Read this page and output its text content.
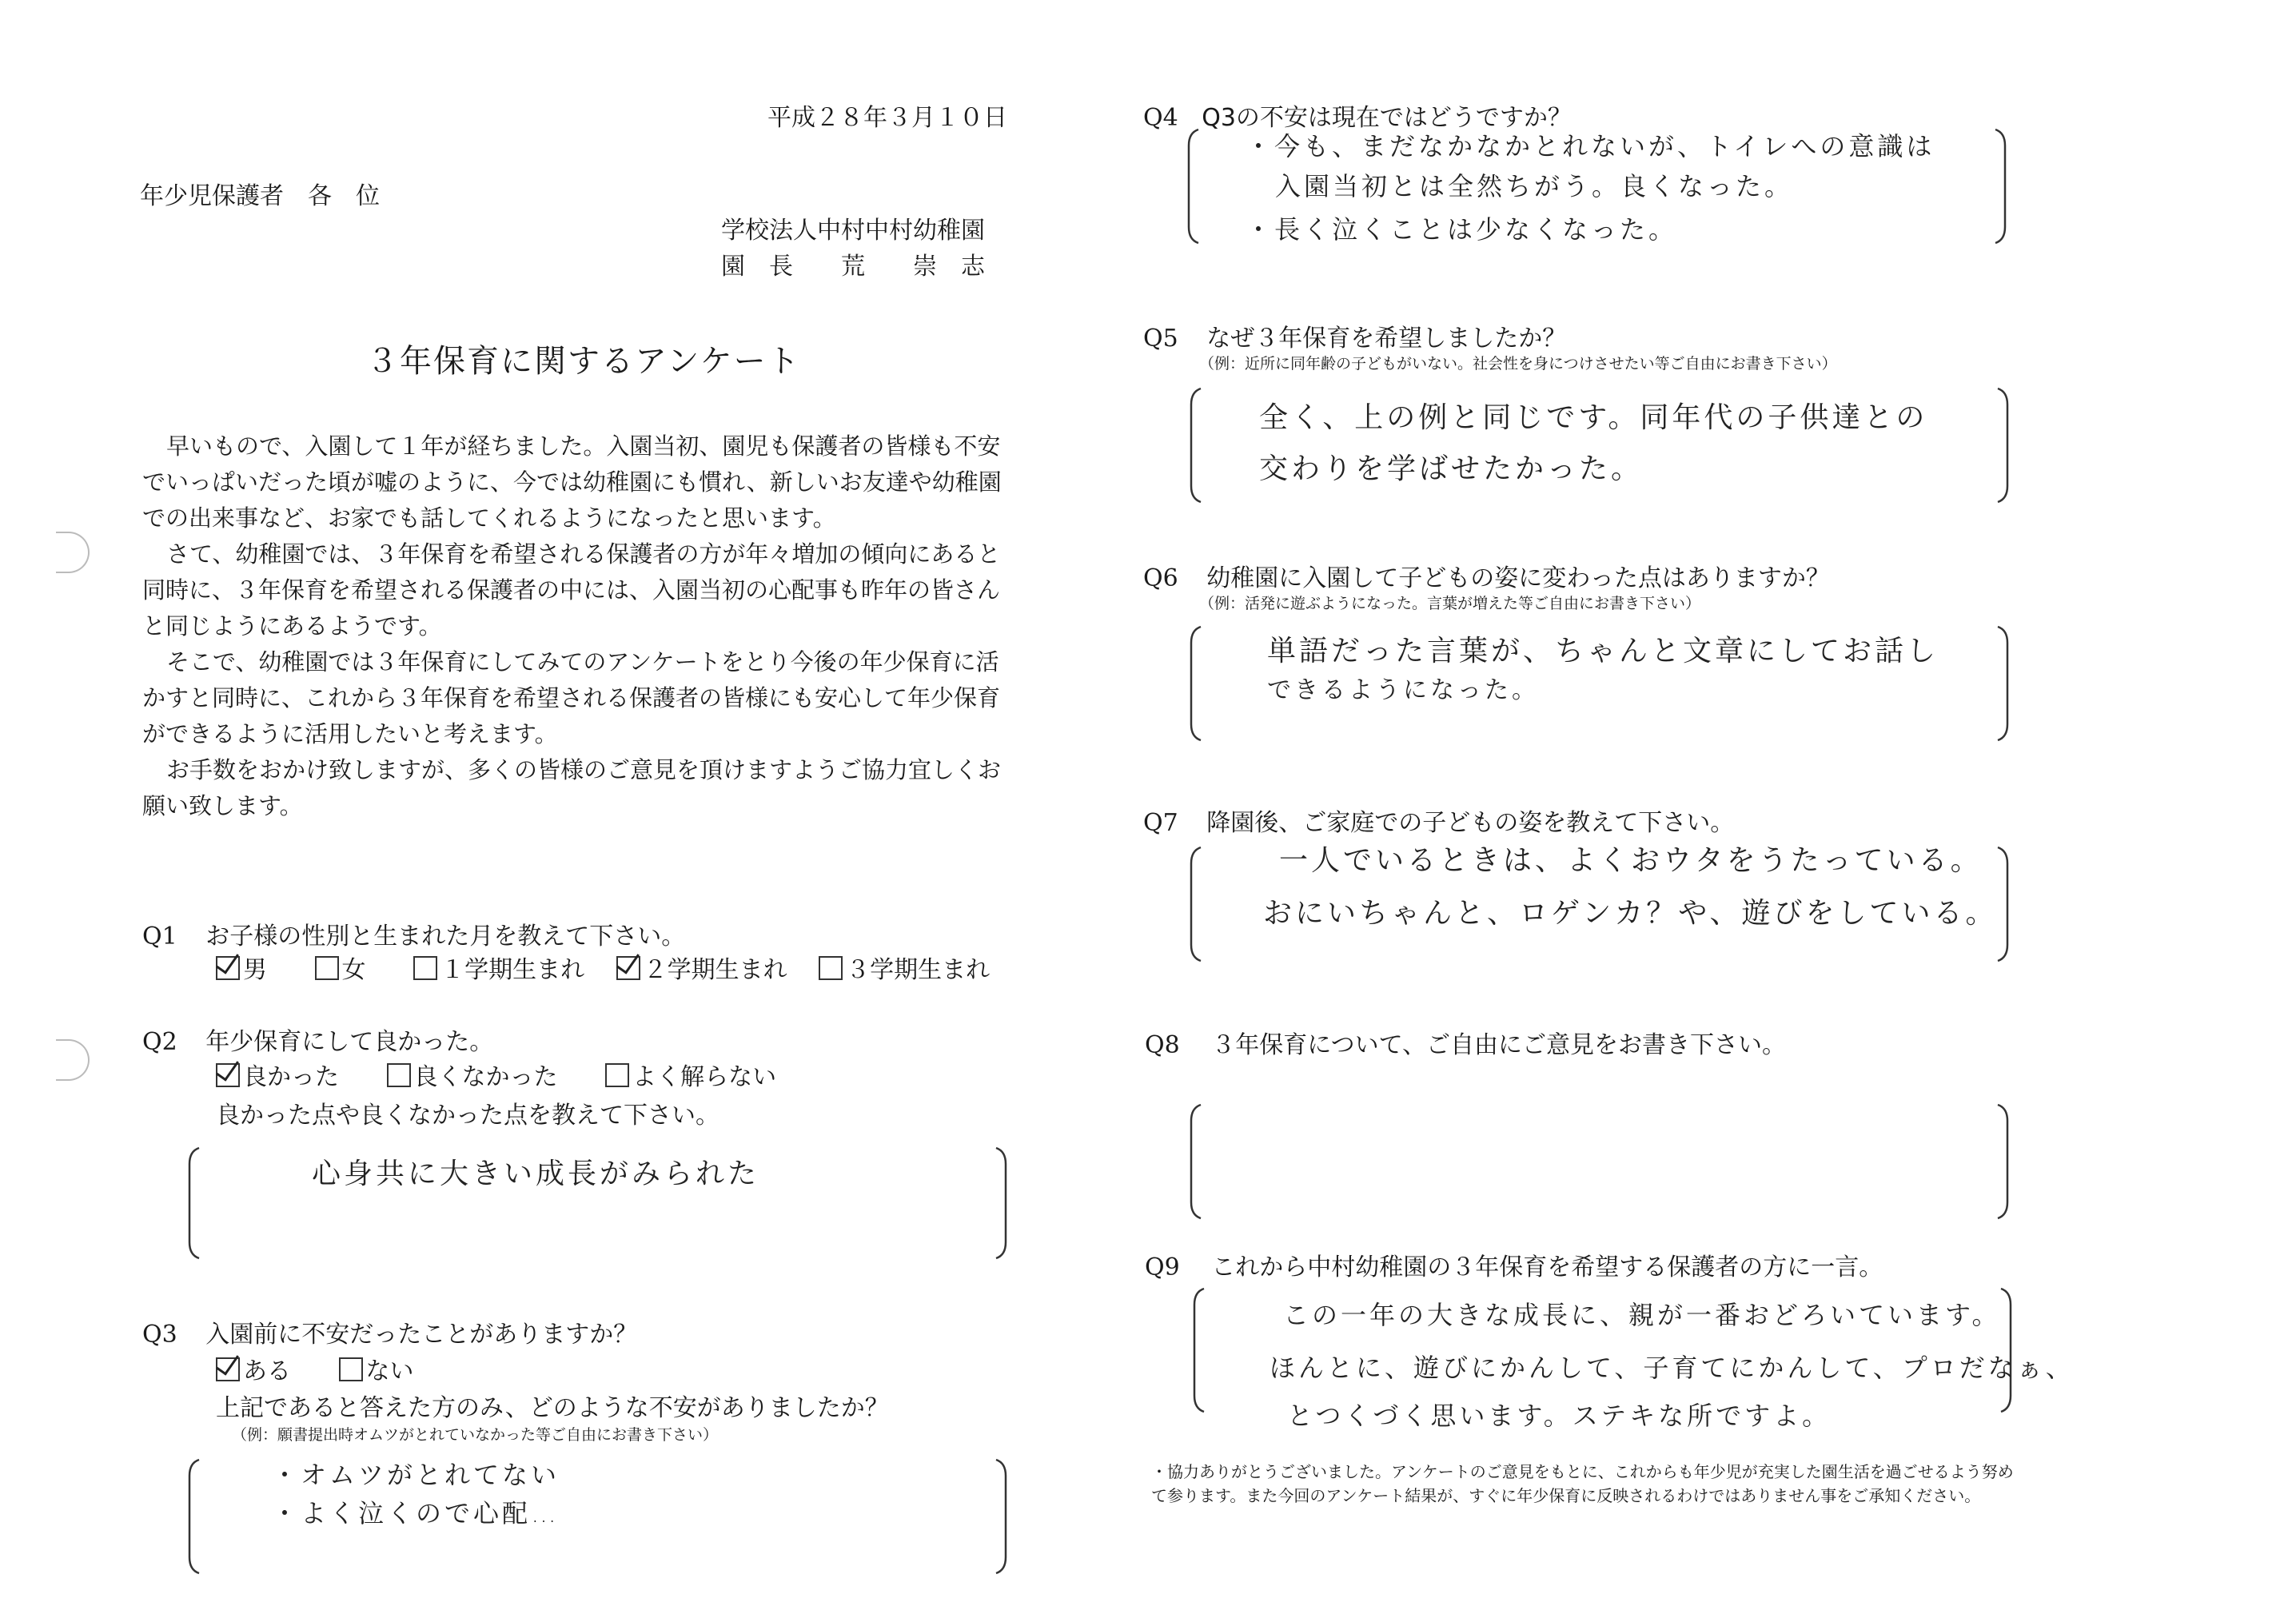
平成２８年３月１０日
年少児保護者　各　位
学校法人中村中村幼稚園
園　長　　荒　　崇　志
３年保育に関するアンケート
早いもので、入園して１年が経ちました。入園当初、園児も保護者の皆様も不安でいっぱいだった頃が嘘のように、今では幼稚園にも慣れ、新しいお友達や幼稚園での出来事など、お家でも話してくれるようになったと思います。
さて、幼稚園では、３年保育を希望される保護者の方が年々増加の傾向にあると同時に、３年保育を希望される保護者の中には、入園当初の心配事も昨年の皆さんと同じようにあるようです。
そこで、幼稚園では３年保育にしてみてのアンケートをとり今後の年少保育に活かすと同時に、これから３年保育を希望される保護者の皆様にも安心して年少保育ができるように活用したいと考えます。
お手数をおかけ致しますが、多くの皆様のご意見を頂けますようご協力宜しくお願い致します。
Q1 お子様の性別と生まれた月を教えて下さい。
男	女	１学期生まれ ２学期生まれ ３学期生まれ
Q2 年少保育にして良かった。
良かった	良くなかった	よく解らない
良かった点や良くなかった点を教えて下さい。
心身共に大きい成長がみられた
Q3 入園前に不安だったことがありますか？
ある	ない
上記であると答えた方のみ、どのような不安がありましたか？
（例：願書提出時オムツがとれていなかった等ご自由にお書き下さい）
・オムツがとれてない
・よく泣くので心配…
Q4 Q3の不安は現在ではどうですか？
・今も、まだなかなかとれないが、トイレへの意識は
入園当初とは全然ちがう。良くなった。
・長く泣くことは少なくなった。
Q5 なぜ３年保育を希望しましたか？
（例：近所に同年齢の子どもがいない。社会性を身につけさせたい等ご自由にお書き下さい）
全く、上の例と同じです。同年代の子供達との
交わりを学ばせたかった。
Q6 幼稚園に入園して子どもの姿に変わった点はありますか？
（例：活発に遊ぶようになった。言葉が増えた等ご自由にお書き下さい）
単語だった言葉が、ちゃんと文章にしてお話し
できるようになった。
Q7 降園後、ご家庭での子どもの姿を教えて下さい。
一人でいるときは、よくおウタをうたっている。
おにいちゃんと、ロゲンカ？や、遊びをしている。
Q8 ３年保育について、ご自由にご意見をお書き下さい。
Q9 これから中村幼稚園の３年保育を希望する保護者の方に一言。
この一年の大きな成長に、親が一番おどろいています。
ほんとに、遊びにかんして、子育てにかんして、プロだなぁ、
とつくづく思います。ステキな所ですよ。
・協力ありがとうございました。アンケートのご意見をもとに、これからも年少児が充実した園生活を過ごせるよう努めて参ります。また今回のアンケート結果が、すぐに年少保育に反映されるわけではありません事をご承知ください。
